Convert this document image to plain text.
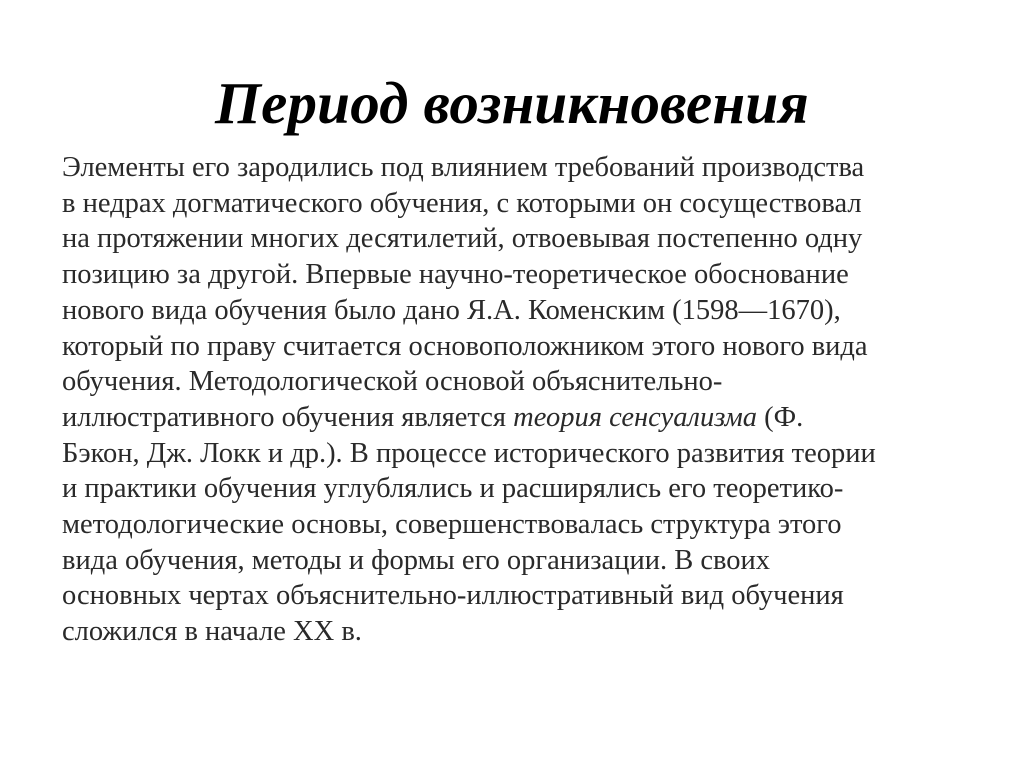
Период возникновения
Элементы его зародились под влиянием требований производства
в недрах догматического обучения, с которыми он сосуществовал
на протяжении многих десятилетий, отвоевывая постепенно одну
позицию за другой. Впервые научно-теоретическое обоснование
нового вида обучения было дано Я.А. Коменским (1598—1670),
который по праву считается основоположником этого нового вида
обучения. Методологической основой объяснительно-
иллюстративного обучения является теория сенсуализма (Ф.
Бэкон, Дж. Локк и др.). В процессе исторического развития теории
и практики обучения углублялись и расширялись его теоретико-
методологические основы, совершенствовалась структура этого
вида обучения, методы и формы его организации. В своих
основных чертах объяснительно-иллюстративный вид обучения
сложился в начале XX в.
